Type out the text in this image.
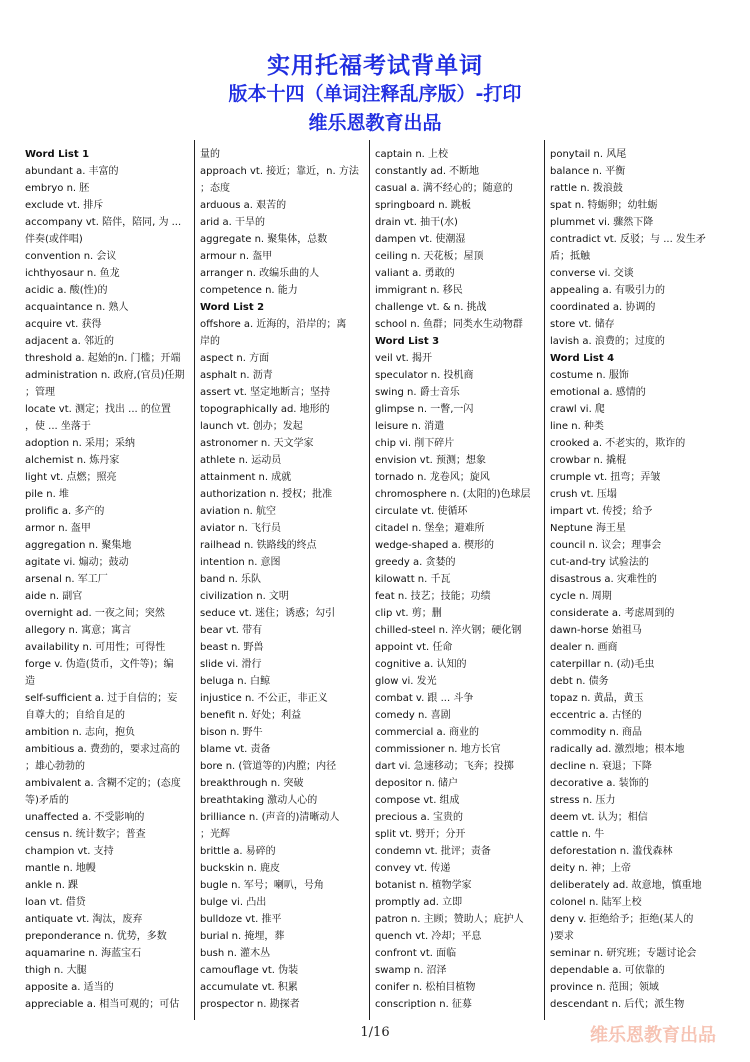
实用托福考试背单词
版本十四（单词注释乱序版）-打印
维乐恩教育出品
Word List 1
abundant a. 丰富的
embryo n. 胚
exclude vt. 排斥
accompany vt. 陪伴，陪同, 为 ...
伴奏(或伴唱)
convention n. 会议
ichthyosaur n. 鱼龙
acidic a. 酸(性)的
acquaintance n. 熟人
acquire vt. 获得
adjacent a. 邻近的
threshold a. 起始的n. 门槛；开端
administration n. 政府,(官员)任期
；管理
locate vt. 测定；找出 ... 的位置
，使 ... 坐落于
adoption n. 采用；采纳
alchemist n. 炼丹家
light vt. 点燃；照亮
pile n. 堆
prolific a. 多产的
armor n. 盔甲
aggregation n. 聚集地
agitate vi. 煽动；鼓动
arsenal n. 军工厂
aide n. 副官
overnight ad. 一夜之间；突然
allegory n. 寓意；寓言
availability n. 可用性；可得性
forge v. 伪造(货币，文件等)；编
造
self-sufficient a. 过于自信的；妄
自尊大的；自给自足的
ambition n. 志向，抱负
ambitious a. 费劲的，要求过高的
；雄心勃勃的
ambivalent a. 含糊不定的；(态度
等)矛盾的
unaffected a. 不受影响的
census n. 统计数字；普查
champion vt. 支持
mantle n. 地幔
ankle n. 踝
loan vt. 借贷
antiquate vt. 淘汰，废弃
preponderance n. 优势，多数
aquamarine n. 海蓝宝石
thigh n. 大腿
apposite a. 适当的
appreciable a. 相当可观的；可估
量的
approach vt. 接近；靠近，n. 方法
；态度
arduous a. 艰苦的
arid a. 干旱的
aggregate n. 聚集体，总数
armour n. 盔甲
arranger n. 改编乐曲的人
competence n. 能力
Word List 2
offshore a. 近海的，沿岸的；离
岸的
aspect n. 方面
asphalt n. 沥青
assert vt. 坚定地断言；坚持
topographically ad. 地形的
launch vt. 创办；发起
astronomer n. 天文学家
athlete n. 运动员
attainment n. 成就
authorization n. 授权；批准
aviation n. 航空
aviator n. 飞行员
railhead n. 铁路线的终点
intention n. 意图
band n. 乐队
civilization n. 文明
seduce vt. 迷住；诱惑；勾引
bear vt. 带有
beast n. 野兽
slide vi. 滑行
beluga n. 白鲸
injustice n. 不公正，非正义
benefit n. 好处；利益
bison n. 野牛
blame vt. 责备
bore n. (管道等的)内膛；内径
breakthrough n. 突破
breathtaking 激动人心的
brilliance n. (声音的)清晰动人
；光辉
brittle a. 易碎的
buckskin n. 鹿皮
bugle n. 军号；喇叭，号角
bulge vi. 凸出
bulldoze vt. 推平
burial n. 掩埋，葬
bush n. 灌木丛
camouflage vt. 伪装
accumulate vt. 积累
prospector n. 勘探者
captain n. 上校
constantly ad. 不断地
casual a. 满不经心的；随意的
springboard n. 跳板
drain vt. 抽干(水)
dampen vt. 使潮湿
ceiling n. 天花板；屋顶
valiant a. 勇敢的
immigrant n. 移民
challenge vt. & n. 挑战
school n. 鱼群；同类水生动物群
Word List 3
veil vt. 揭开
speculator n. 投机商
swing n. 爵士音乐
glimpse n. 一瞥,一闪
leisure n. 消遣
chip vi. 削下碎片
envision vt. 预测；想象
tornado n. 龙卷风；旋风
chromosphere n. (太阳的)色球层
circulate vt. 使循环
citadel n. 堡垒；避难所
wedge-shaped a. 楔形的
greedy a. 贪婪的
kilowatt n. 千瓦
feat n. 技艺；技能；功绩
clip vt. 剪；删
chilled-steel n. 淬火钢；硬化钢
appoint vt. 任命
cognitive a. 认知的
glow vi. 发光
combat v. 跟 ... 斗争
comedy n. 喜剧
commercial a. 商业的
commissioner n. 地方长官
dart vi. 急速移动；飞奔；投掷
depositor n. 储户
compose vt. 组成
precious a. 宝贵的
split vt. 劈开；分开
condemn vt. 批评；责备
convey vt. 传递
botanist n. 植物学家
promptly ad. 立即
patron n. 主顾；赞助人；庇护人
quench vt. 冷却；平息
confront vt. 面临
swamp n. 沼泽
conifer n. 松柏目植物
conscription n. 征募
ponytail n. 风尾
balance n. 平衡
rattle n. 拨浪鼓
spat n. 特蛎卵；幼牡蛎
plummet vi. 骤然下降
contradict vt. 反驳；与 ... 发生矛
盾；抵触
converse vi. 交谈
appealing a. 有吸引力的
coordinated a. 协调的
store vt. 储存
lavish a. 浪费的；过度的
Word List 4
costume n. 服饰
emotional a. 感情的
crawl vi. 爬
line n. 种类
crooked a. 不老实的，欺诈的
crowbar n. 撬棍
crumple vt. 扭弯；弄皱
crush vt. 压塌
impart vt. 传授；给予
Neptune 海王星
council n. 议会；理事会
cut-and-try 试验法的
disastrous a. 灾难性的
cycle n. 周期
considerate a. 考虑周到的
dawn-horse 始祖马
dealer n. 画商
caterpillar n. (动)毛虫
debt n. 债务
topaz n. 黄晶，黄玉
eccentric a. 古怪的
commodity n. 商品
radically ad. 激烈地；根本地
decline n. 衰退；下降
decorative a. 装饰的
stress n. 压力
deem vt. 认为；相信
cattle n. 牛
deforestation n. 滥伐森林
deity n. 神；上帝
deliberately ad. 故意地，慎重地
colonel n. 陆军上校
deny v. 拒绝给予；拒绝(某人的
)要求
seminar n. 研究班；专题讨论会
dependable a. 可依靠的
province n. 范围；领域
descendant n. 后代；派生物
1/16	维乐恩教育出品
